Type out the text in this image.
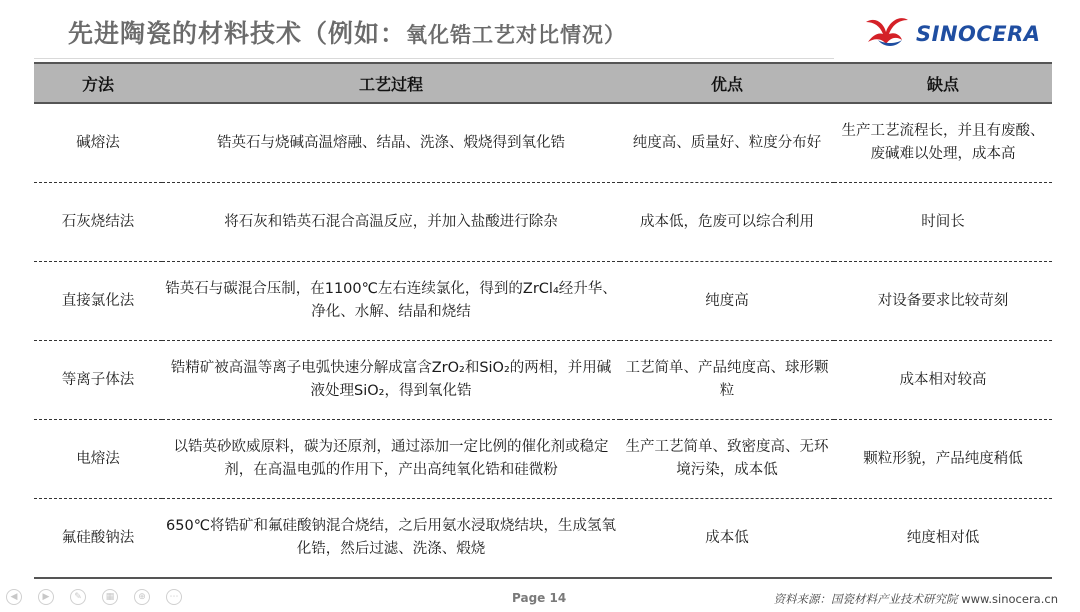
先进陶瓷的材料技术（例如：氧化锆工艺对比情况）	SINOCERA
方法	工艺过程	优点	缺点
碱熔法	锆英石与烧碱高温熔融、结晶、洗涤、煅烧得到氧化锆	纯度高、质量好、粒度分布好	生产工艺流程长，并且有废酸、废碱难以处理，成本高
石灰烧结法	将石灰和锆英石混合高温反应，并加入盐酸进行除杂	成本低，危废可以综合利用	时间长
直接氯化法	锆英石与碳混合压制，在1100℃左右连续氯化，得到的ZrCl₄经升华、净化、水解、结晶和烧结	纯度高	对设备要求比较苛刻
等离子体法	锆精矿被高温等离子电弧快速分解成富含ZrO₂和SiO₂的两相，并用碱液处理SiO₂，得到氧化锆	工艺简单、产品纯度高、球形颗粒	成本相对较高
电熔法	以锆英砂欧威原料，碳为还原剂，通过添加一定比例的催化剂或稳定剂，在高温电弧的作用下，产出高纯氧化锆和硅微粉	生产工艺简单、致密度高、无环境污染，成本低	颗粒形貌，产品纯度稍低
氟硅酸钠法	650℃将锆矿和氟硅酸钠混合烧结，之后用氨水浸取烧结块，生成氢氧化锆，然后过滤、洗涤、煅烧	成本低	纯度相对低
◀	▶	✎	▦	⊕	⋯	Page 14	资料来源：国瓷材料产业技术研究院 www.sinocera.cn
